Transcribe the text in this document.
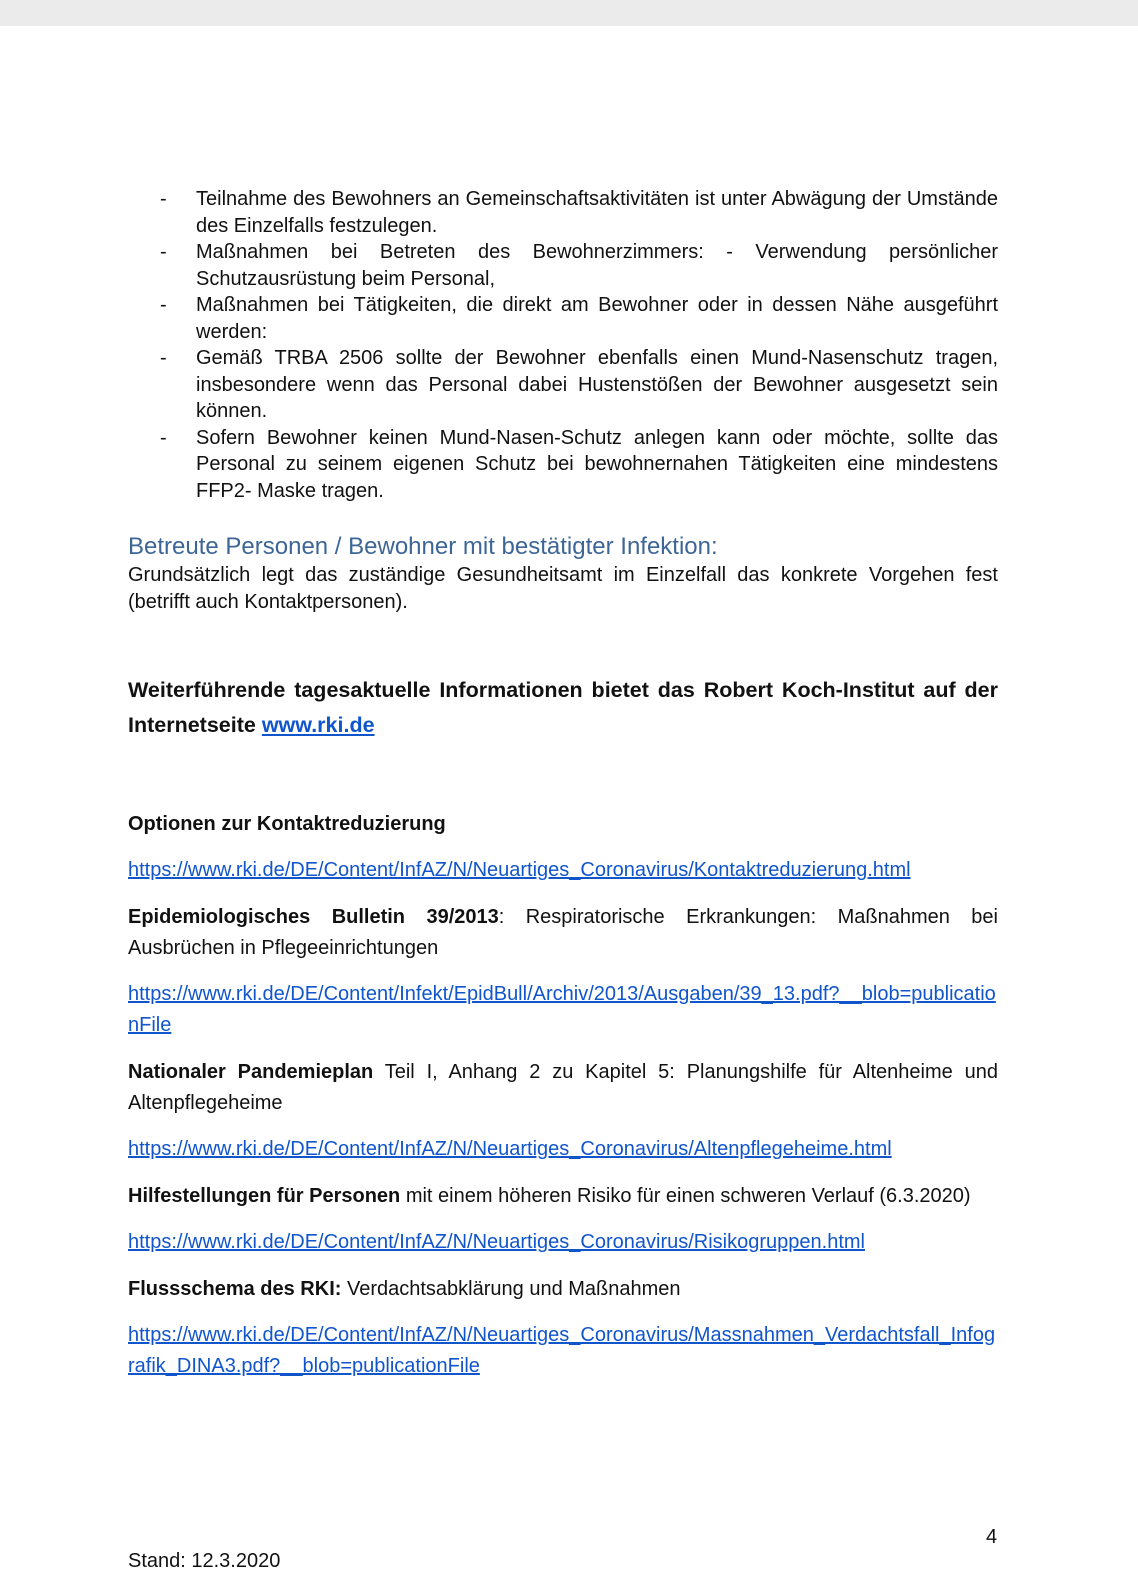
- Teilnahme des Bewohners an Gemeinschaftsaktivitäten ist unter Abwägung der Umstände des Einzelfalls festzulegen.
- Maßnahmen bei Betreten des Bewohnerzimmers: - Verwendung persönlicher Schutzausrüstung beim Personal,
- Maßnahmen bei Tätigkeiten, die direkt am Bewohner oder in dessen Nähe ausgeführt werden:
- Gemäß TRBA 2506 sollte der Bewohner ebenfalls einen Mund-Nasenschutz tragen, insbesondere wenn das Personal dabei Hustenstößen der Bewohner ausgesetzt sein können.
- Sofern Bewohner keinen Mund-Nasen-Schutz anlegen kann oder möchte, sollte das Personal zu seinem eigenen Schutz bei bewohnernahen Tätigkeiten eine mindestens FFP2- Maske tragen.
Betreute Personen / Bewohner mit bestätigter Infektion:

Grundsätzlich legt das zuständige Gesundheitsamt im Einzelfall das konkrete Vorgehen fest (betrifft auch Kontaktpersonen).

Weiterführende tagesaktuelle Informationen bietet das Robert Koch-Institut auf der Internetseite www.rki.de

Optionen zur Kontaktreduzierung

https://www.rki.de/DE/Content/InfAZ/N/Neuartiges_Coronavirus/Kontaktreduzierung.html

Epidemiologisches Bulletin 39/2013: Respiratorische Erkrankungen: Maßnahmen bei Ausbrüchen in Pflegeeinrichtungen

https://www.rki.de/DE/Content/Infekt/EpidBull/Archiv/2013/Ausgaben/39_13.pdf?__blob=publicationFile

Nationaler Pandemieplan Teil I, Anhang 2 zu Kapitel 5: Planungshilfe für Altenheime und Altenpflegeheime

https://www.rki.de/DE/Content/InfAZ/N/Neuartiges_Coronavirus/Altenpflegeheime.html

Hilfestellungen für Personen mit einem höheren Risiko für einen schweren Verlauf (6.3.2020)

https://www.rki.de/DE/Content/InfAZ/N/Neuartiges_Coronavirus/Risikogruppen.html

Flussschema des RKI: Verdachtsabklärung und Maßnahmen

https://www.rki.de/DE/Content/InfAZ/N/Neuartiges_Coronavirus/Massnahmen_Verdachtsfall_Infografik_DINA3.pdf?__blob=publicationFile
4
Stand: 12.3.2020
